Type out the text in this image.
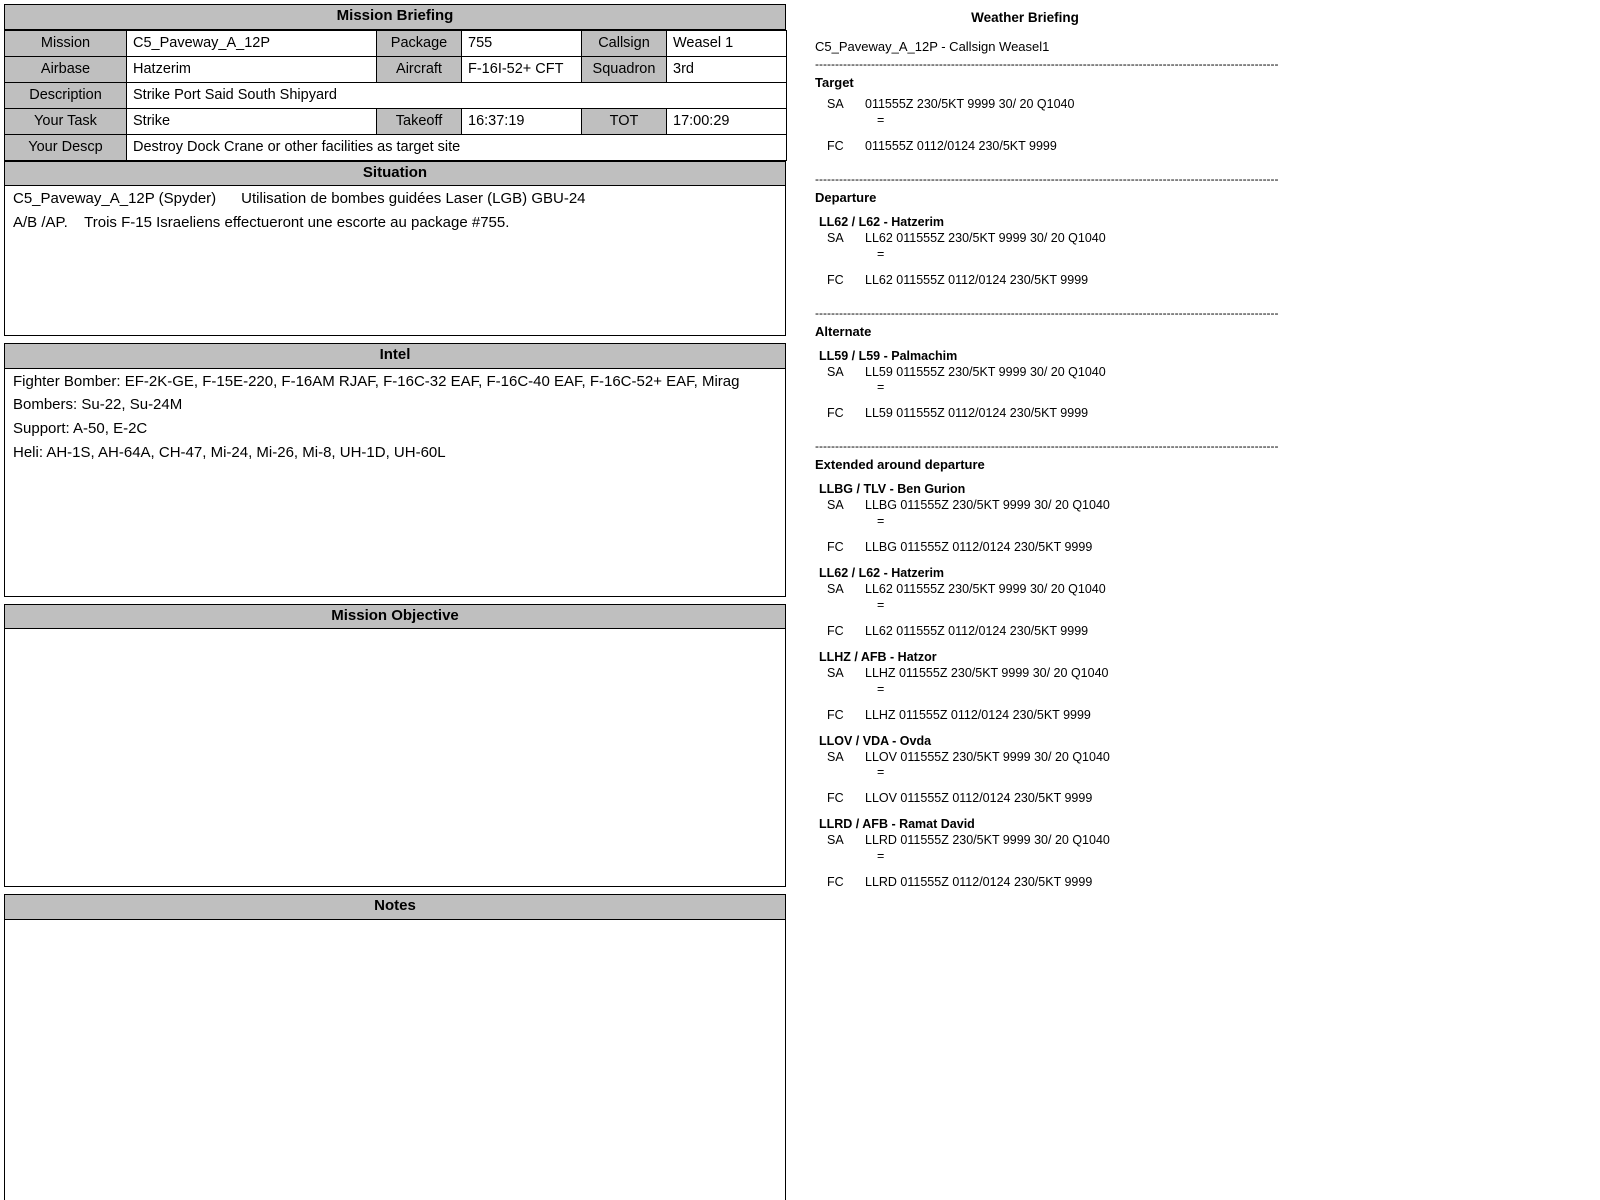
Mission Briefing
Mission	C5_Paveway_A_12P	Package	755	Callsign	Weasel 1
Airbase	Hatzerim	Aircraft	F-16I-52+ CFT	Squadron	3rd
Description	Strike Port Said South Shipyard				
Your Task	Strike	Takeoff	16:37:19	TOT	17:00:29
Your Descp	Destroy Dock Crane or other facilities as target site				
Situation

C5_Paveway_A_12P (Spyder)      Utilisation de bombes guidées Laser (LGB) GBU-24

A/B /AP.    Trois F-15 Israeliens effectueront une escorte au package #755.

Intel

Fighter Bomber: EF-2K-GE, F-15E-220, F-16AM RJAF, F-16C-32 EAF, F-16C-40 EAF, F-16C-52+ EAF, Mirag

Bombers: Su-22, Su-24M

Support: A-50, E-2C

Heli: AH-1S, AH-64A, CH-47, Mi-24, Mi-26, Mi-8, UH-1D, UH-60L

Mission Objective
Notes
Weather Briefing
C5_Paveway_A_12P - Callsign Weasel1
--------------------------------------------------------------------------------------------------------------------
Target
SA	011555Z 230/5KT 9999 30/ 20 Q1040
=
FC	011555Z 0112/0124 230/5KT 9999
--------------------------------------------------------------------------------------------------------------------
Departure
LL62 / L62 - Hatzerim
SA	LL62 011555Z 230/5KT 9999 30/ 20 Q1040
=
FC	LL62 011555Z 0112/0124 230/5KT 9999
--------------------------------------------------------------------------------------------------------------------
Alternate
LL59 / L59 - Palmachim
SA	LL59 011555Z 230/5KT 9999 30/ 20 Q1040
=
FC	LL59 011555Z 0112/0124 230/5KT 9999
--------------------------------------------------------------------------------------------------------------------
Extended around departure
LLBG / TLV - Ben Gurion
SA	LLBG 011555Z 230/5KT 9999 30/ 20 Q1040
=
FC	LLBG 011555Z 0112/0124 230/5KT 9999
LL62 / L62 - Hatzerim
SA	LL62 011555Z 230/5KT 9999 30/ 20 Q1040
=
FC	LL62 011555Z 0112/0124 230/5KT 9999
LLHZ / AFB - Hatzor
SA	LLHZ 011555Z 230/5KT 9999 30/ 20 Q1040
=
FC	LLHZ 011555Z 0112/0124 230/5KT 9999
LLOV / VDA - Ovda
SA	LLOV 011555Z 230/5KT 9999 30/ 20 Q1040
=
FC	LLOV 011555Z 0112/0124 230/5KT 9999
LLRD / AFB - Ramat David
SA	LLRD 011555Z 230/5KT 9999 30/ 20 Q1040
=
FC	LLRD 011555Z 0112/0124 230/5KT 9999
